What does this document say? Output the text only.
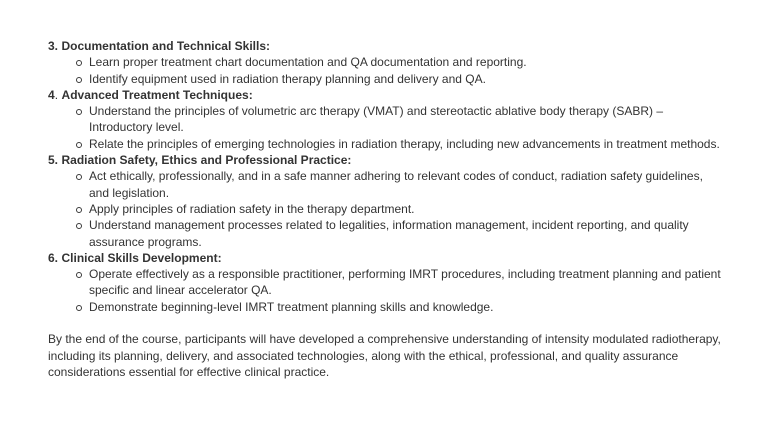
3. Documentation and Technical Skills:
Learn proper treatment chart documentation and QA documentation and reporting.
Identify equipment used in radiation therapy planning and delivery and QA.
4. Advanced Treatment Techniques:
Understand the principles of volumetric arc therapy (VMAT) and stereotactic ablative body therapy (SABR) –
Introductory level.
Relate the principles of emerging technologies in radiation therapy, including new advancements in treatment methods.
5. Radiation Safety, Ethics and Professional Practice:
Act ethically, professionally, and in a safe manner adhering to relevant codes of conduct, radiation safety guidelines,
and legislation.
Apply principles of radiation safety in the therapy department.
Understand management processes related to legalities, information management, incident reporting, and quality
assurance programs.
6. Clinical Skills Development:
Operate effectively as a responsible practitioner, performing IMRT procedures, including treatment planning and patient
specific and linear accelerator QA.
Demonstrate beginning-level IMRT treatment planning skills and knowledge.
By the end of the course, participants will have developed a comprehensive understanding of intensity modulated radiotherapy,
including its planning, delivery, and associated technologies, along with the ethical, professional, and quality assurance
considerations essential for effective clinical practice.
